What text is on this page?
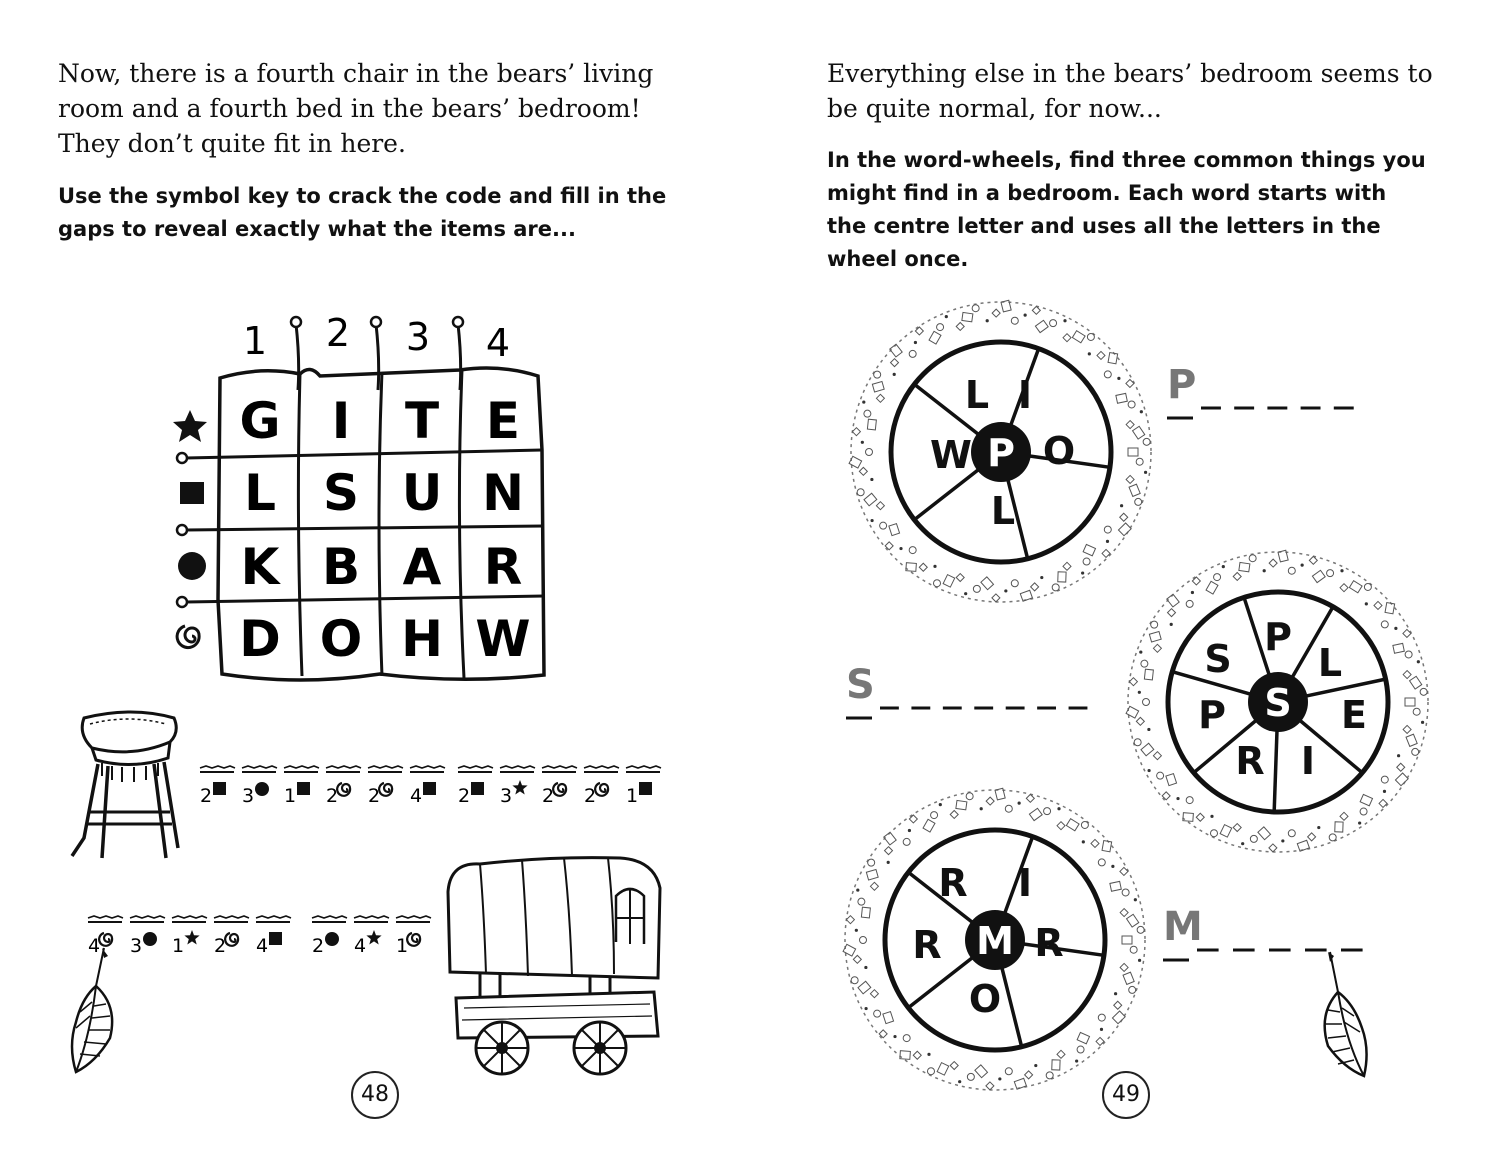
Now, there is a fourth chair in the bears’ living room and a fourth bed in the bears’ bedroom! They don’t quite fit in here.

Use the symbol key to crack the code and fill in the gaps to reveal exactly what the items are...

1 2 3 4
G I T E
L S U N
K B A R
D O H W
2 3 1 2 2 4 2 3 2 2 1
4 3 1 2 4 2 4 1
48

Everything else in the bears’ bedroom seems to be quite normal, for now...

In the word-wheels, find three common things you might find in a bedroom. Each word starts with the centre letter and uses all the letters in the wheel once.

P
I
O
L
W
L	P
S
P
L
E
I
R
P
S
S
M
I
R
O
R
R
M
49
